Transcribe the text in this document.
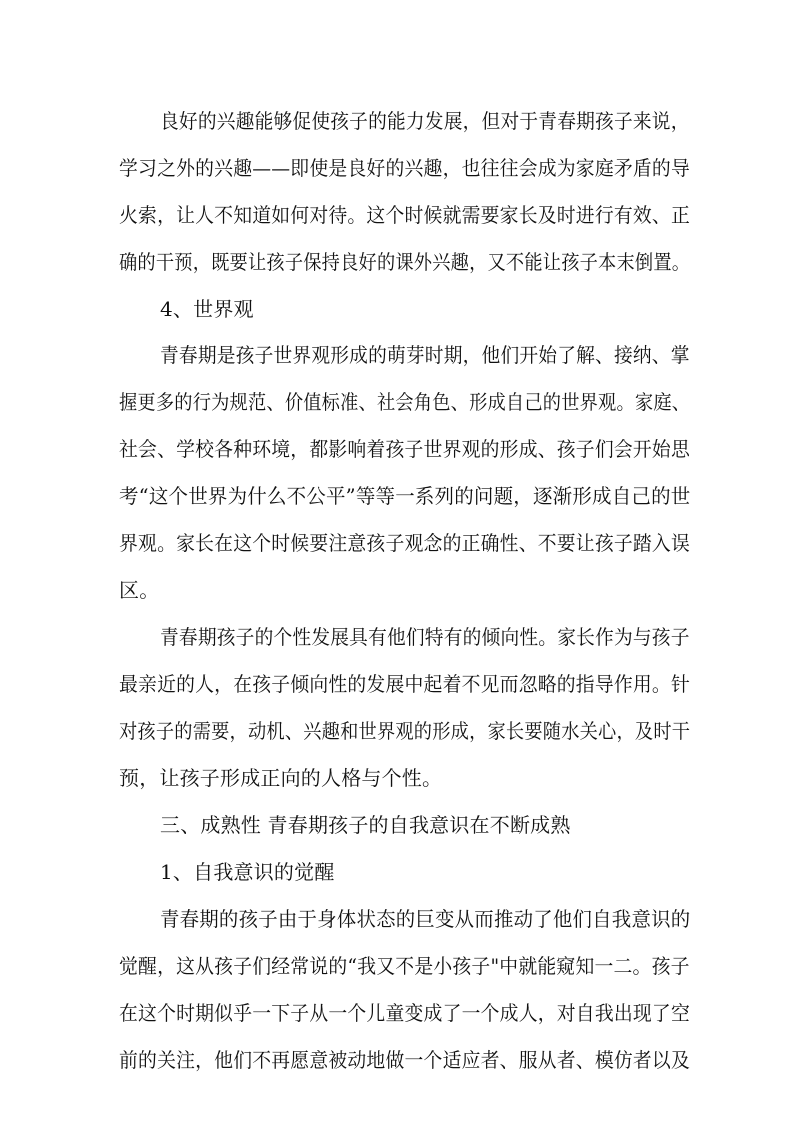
良好的兴趣能够促使孩子的能力发展，但对于青春期孩子来说，
学习之外的兴趣——即使是良好的兴趣，也往往会成为家庭矛盾的导
火索，让人不知道如何对待。这个时候就需要家长及时进行有效、正
确的干预，既要让孩子保持良好的课外兴趣，又不能让孩子本末倒置。
4、世界观
青春期是孩子世界观形成的萌芽时期，他们开始了解、接纳、掌
握更多的行为规范、价值标准、社会角色、形成自己的世界观。家庭、
社会、学校各种环境，都影响着孩子世界观的形成、孩子们会开始思
考“这个世界为什么不公平”等等一系列的问题，逐渐形成自己的世
界观。家长在这个时候要注意孩子观念的正确性、不要让孩子踏入误
区。
青春期孩子的个性发展具有他们特有的倾向性。家长作为与孩子
最亲近的人，在孩子倾向性的发展中起着不见而忽略的指导作用。针
对孩子的需要，动机、兴趣和世界观的形成，家长要随水关心，及时干
预，让孩子形成正向的人格与个性。
三、成熟性 青春期孩子的自我意识在不断成熟
1、自我意识的觉醒
青春期的孩子由于身体状态的巨变从而推动了他们自我意识的
觉醒，这从孩子们经常说的“我又不是小孩子"中就能窥知一二。孩子
在这个时期似乎一下子从一个儿童变成了一个成人，对自我出现了空
前的关注，他们不再愿意被动地做一个适应者、服从者、模仿者以及
